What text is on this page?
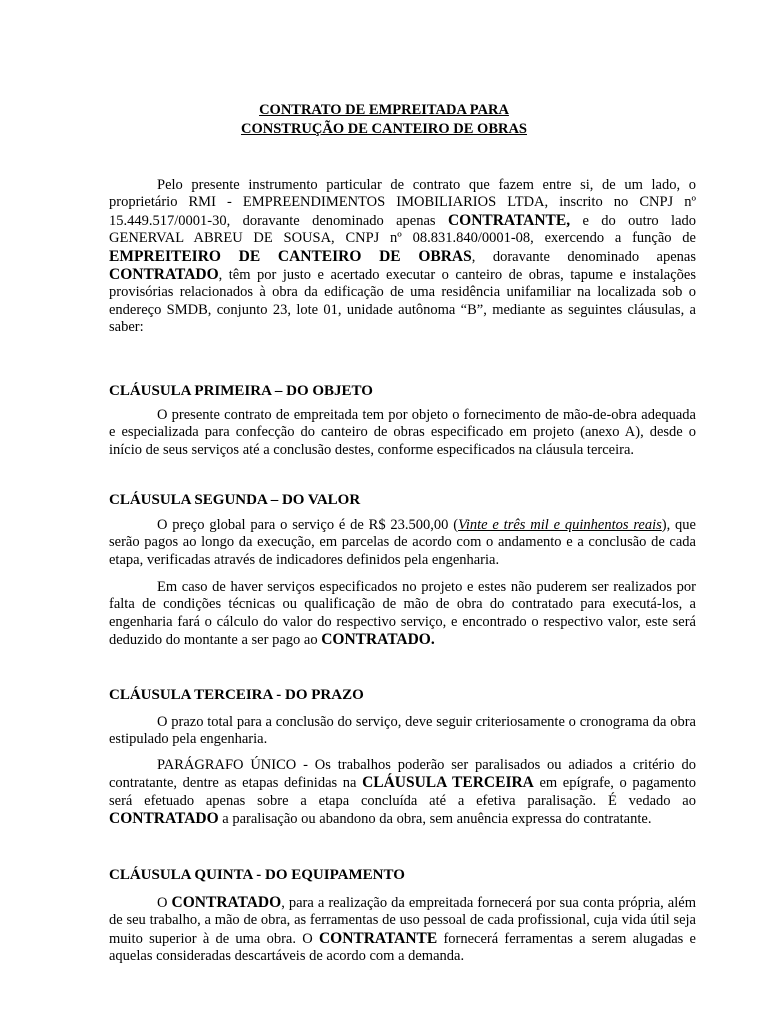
CONTRATO DE EMPREITADA PARA
CONSTRUÇÃO DE CANTEIRO DE OBRAS

Pelo presente instrumento particular de contrato que fazem entre si, de um lado, o proprietário RMI - EMPREENDIMENTOS IMOBILIARIOS LTDA, inscrito no CNPJ nº 15.449.517/0001-30, doravante denominado apenas CONTRATANTE, e do outro lado GENERVAL ABREU DE SOUSA, CNPJ nº 08.831.840/0001-08, exercendo a função de EMPREITEIRO DE CANTEIRO DE OBRAS, doravante denominado apenas CONTRATADO, têm por justo e acertado executar o canteiro de obras, tapume e instalações provisórias relacionados à obra da edificação de uma residência unifamiliar na localizada sob o endereço SMDB, conjunto 23, lote 01, unidade autônoma “B”, mediante as seguintes cláusulas, a saber:

CLÁUSULA PRIMEIRA – DO OBJETO

O presente contrato de empreitada tem por objeto o fornecimento de mão-de-obra adequada e especializada para confecção do canteiro de obras especificado em projeto (anexo A), desde o início de seus serviços até a conclusão destes, conforme especificados na cláusula terceira.

CLÁUSULA SEGUNDA – DO VALOR

O preço global para o serviço é de R$ 23.500,00 (Vinte e três mil e quinhentos reais), que serão pagos ao longo da execução, em parcelas de acordo com o andamento e a conclusão de cada etapa, verificadas através de indicadores definidos pela engenharia.

Em caso de haver serviços especificados no projeto e estes não puderem ser realizados por falta de condições técnicas ou qualificação de mão de obra do contratado para executá-los, a engenharia fará o cálculo do valor do respectivo serviço, e encontrado o respectivo valor, este será deduzido do montante a ser pago ao CONTRATADO.

CLÁUSULA TERCEIRA - DO PRAZO

O prazo total para a conclusão do serviço, deve seguir criteriosamente o cronograma da obra estipulado pela engenharia.

PARÁGRAFO ÚNICO - Os trabalhos poderão ser paralisados ou adiados a critério do contratante, dentre as etapas definidas na CLÁUSULA TERCEIRA em epígrafe, o pagamento será efetuado apenas sobre a etapa concluída até a efetiva paralisação. É vedado ao CONTRATADO a paralisação ou abandono da obra, sem anuência expressa do contratante.

CLÁUSULA QUINTA - DO EQUIPAMENTO

O CONTRATADO, para a realização da empreitada fornecerá por sua conta própria, além de seu trabalho, a mão de obra, as ferramentas de uso pessoal de cada profissional, cuja vida útil seja muito superior à de uma obra. O CONTRATANTE fornecerá ferramentas a serem alugadas e aquelas consideradas descartáveis de acordo com a demanda.
